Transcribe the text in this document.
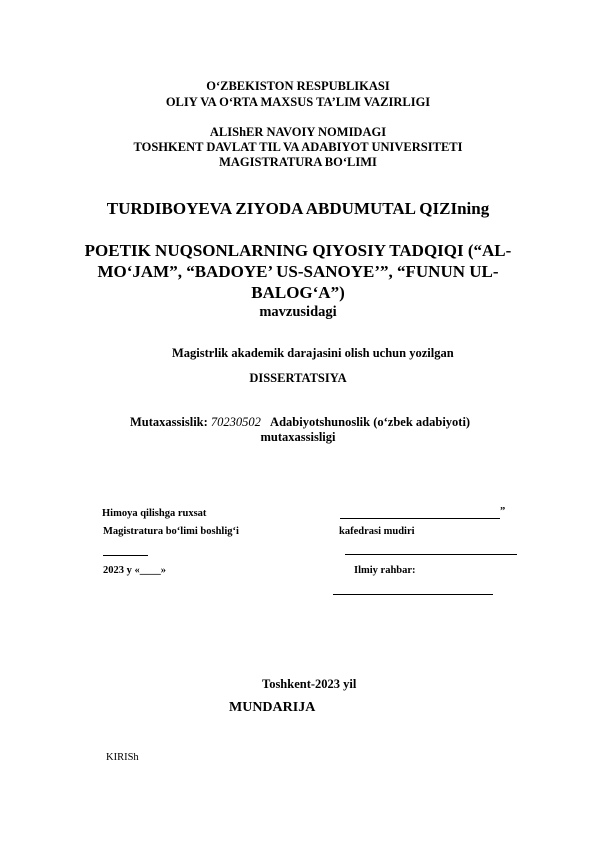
O‘ZBEKISTON RESPUBLIKASI
OLIY VA O‘RTA MAXSUS TA’LIM VAZIRLIGI
ALIShER NAVOIY NOMIDAGI
TOSHKENT DAVLAT TIL VA ADABIYOT UNIVERSITETI
MAGISTRATURA BO‘LIMI
TURDIBOYEVA ZIYODA ABDUMUTAL QIZIning
POETIK NUQSONLARNING QIYOSIY TADQIQI (“AL-
MO‘JAM”, “BADOYE’ US-SANOYE’”, “FUNUN UL-
BALOG‘A”)
mavzusidagi
Magistrlik akademik darajasini olish uchun yozilgan
DISSERTATSIYA
Mutaxassislik: 70230502 Adabiyotshunoslik (o‘zbek adabiyoti)
mutaxassisligi
Himoya qilishga ruxsat	”
Magistratura bo‘limi boshlig‘i	kafedrasi mudiri
2023 y «____»	Ilmiy rahbar:
Toshkent-2023 yil
MUNDARIJA
KIRISh
